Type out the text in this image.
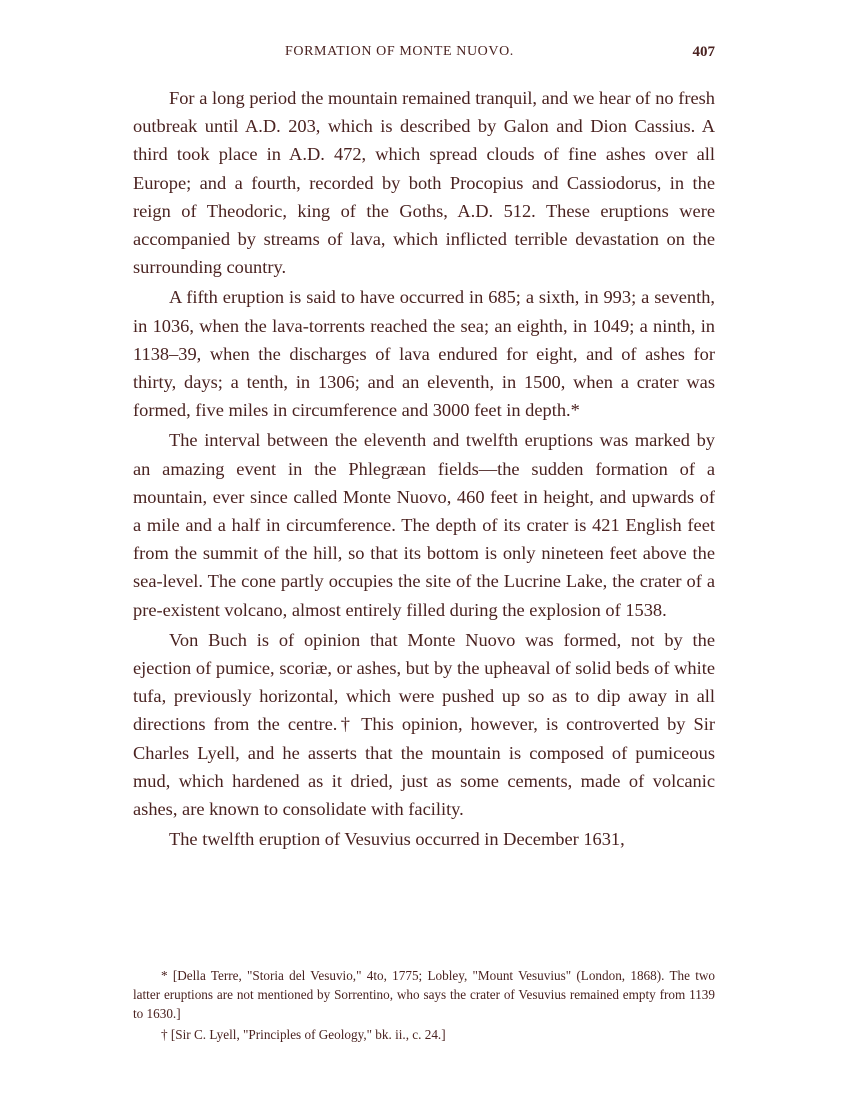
FORMATION OF MONTE NUOVO.	407

For a long period the mountain remained tranquil, and we hear of no fresh outbreak until A.D. 203, which is described by Galon and Dion Cassius. A third took place in A.D. 472, which spread clouds of fine ashes over all Europe; and a fourth, recorded by both Procopius and Cassiodorus, in the reign of Theodoric, king of the Goths, A.D. 512. These eruptions were accompanied by streams of lava, which inflicted terrible devastation on the surrounding country.

A fifth eruption is said to have occurred in 685; a sixth, in 993; a seventh, in 1036, when the lava-torrents reached the sea; an eighth, in 1049; a ninth, in 1138–39, when the discharges of lava endured for eight, and of ashes for thirty, days; a tenth, in 1306; and an eleventh, in 1500, when a crater was formed, five miles in circumference and 3000 feet in depth.*

The interval between the eleventh and twelfth eruptions was marked by an amazing event in the Phlegræan fields—the sudden formation of a mountain, ever since called Monte Nuovo, 460 feet in height, and upwards of a mile and a half in circumference. The depth of its crater is 421 English feet from the summit of the hill, so that its bottom is only nineteen feet above the sea-level. The cone partly occupies the site of the Lucrine Lake, the crater of a pre-existent volcano, almost entirely filled during the explosion of 1538.

Von Buch is of opinion that Monte Nuovo was formed, not by the ejection of pumice, scoriæ, or ashes, but by the upheaval of solid beds of white tufa, previously horizontal, which were pushed up so as to dip away in all directions from the centre.† This opinion, however, is controverted by Sir Charles Lyell, and he asserts that the mountain is composed of pumiceous mud, which hardened as it dried, just as some cements, made of volcanic ashes, are known to consolidate with facility.

The twelfth eruption of Vesuvius occurred in December 1631,

* [Della Terre, "Storia del Vesuvio," 4to, 1775; Lobley, "Mount Vesuvius" (London, 1868). The two latter eruptions are not mentioned by Sorrentino, who says the crater of Vesuvius remained empty from 1139 to 1630.]

† [Sir C. Lyell, "Principles of Geology," bk. ii., c. 24.]
